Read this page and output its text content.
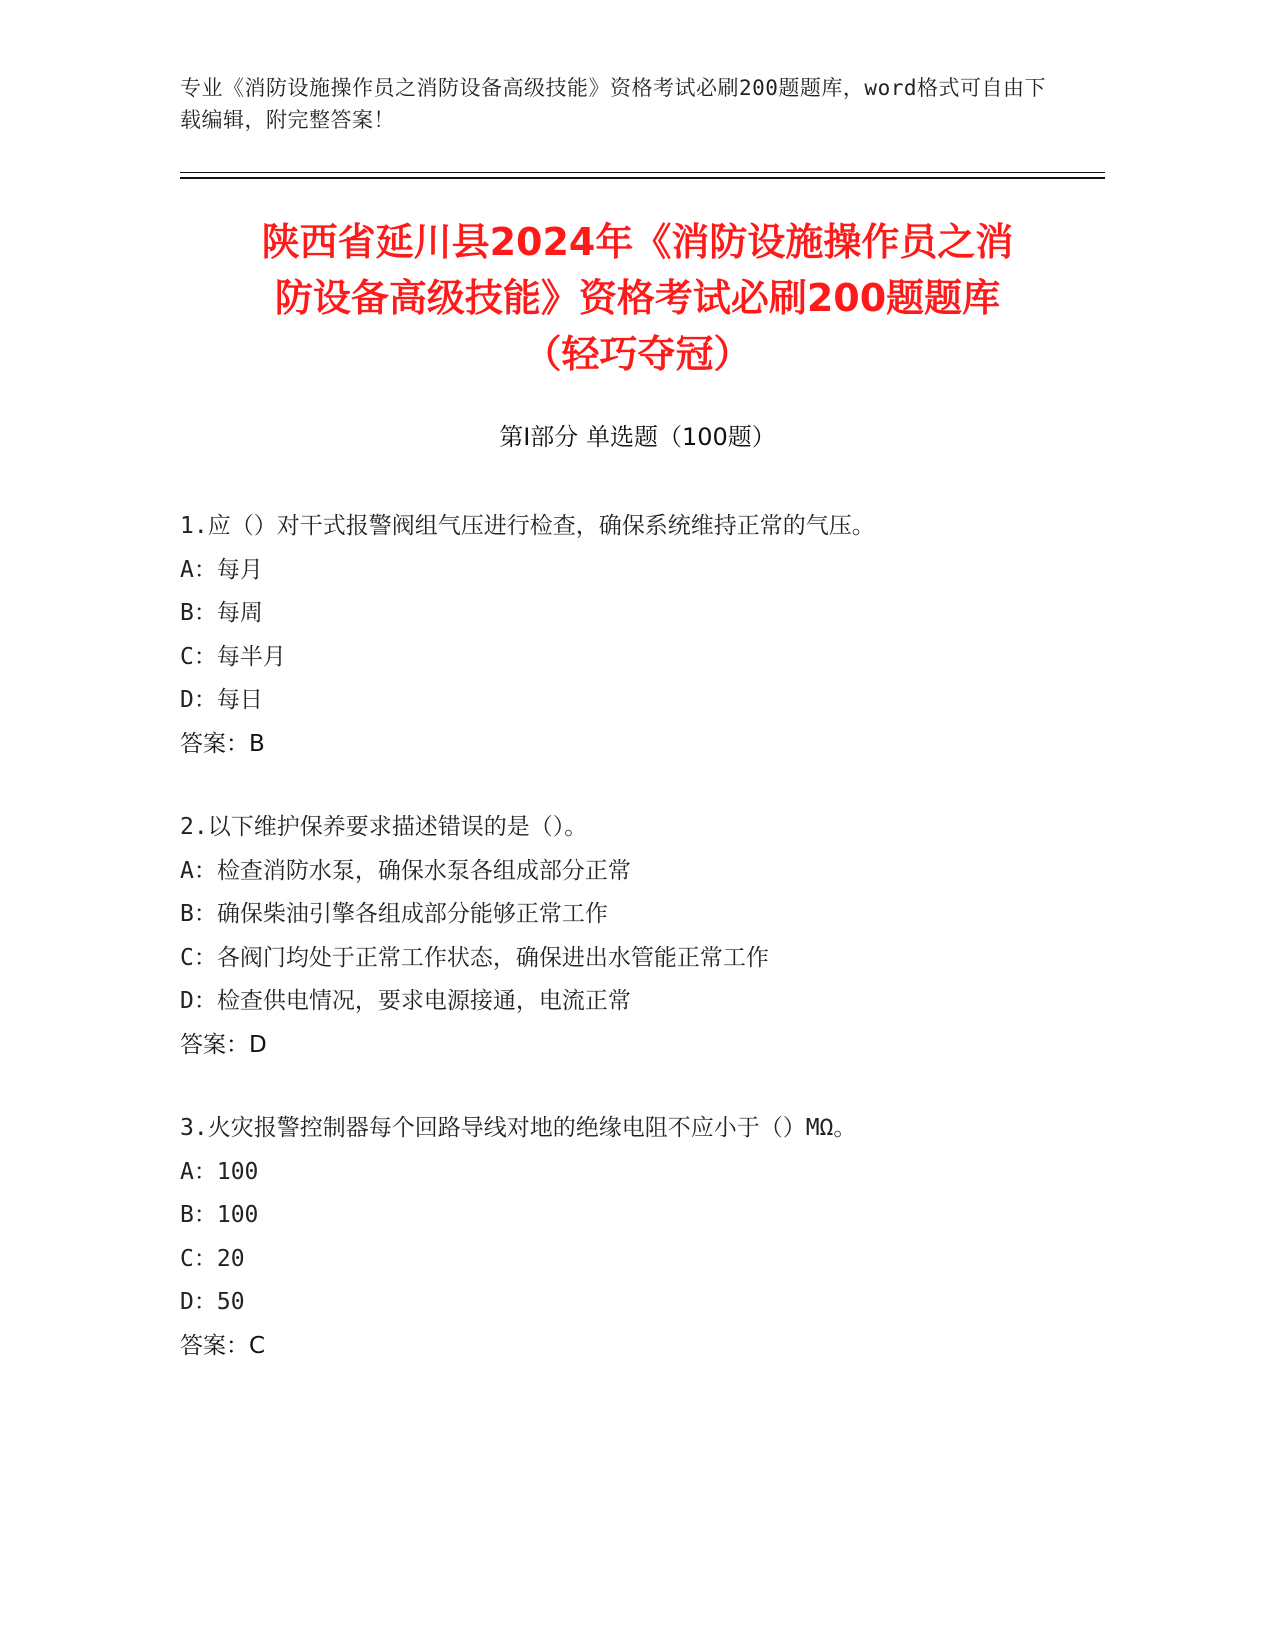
专业《消防设施操作员之消防设备高级技能》资格考试必刷200题题库，word格式可自由下载编辑，附完整答案！
陕西省延川县2024年《消防设施操作员之消
防设备高级技能》资格考试必刷200题题库
（轻巧夺冠）
第Ⅰ部分 单选题（100题）
1.应（）对干式报警阀组气压进行检查，确保系统维持正常的气压。
A：每月
B：每周
C：每半月
D：每日
答案：B
2.以下维护保养要求描述错误的是（）。
A：检查消防水泵，确保水泵各组成部分正常
B：确保柴油引擎各组成部分能够正常工作
C：各阀门均处于正常工作状态，确保进出水管能正常工作
D：检查供电情况，要求电源接通，电流正常
答案：D
3.火灾报警控制器每个回路导线对地的绝缘电阻不应小于（）MΩ。
A：100
B：100
C：20
D：50
答案：C
